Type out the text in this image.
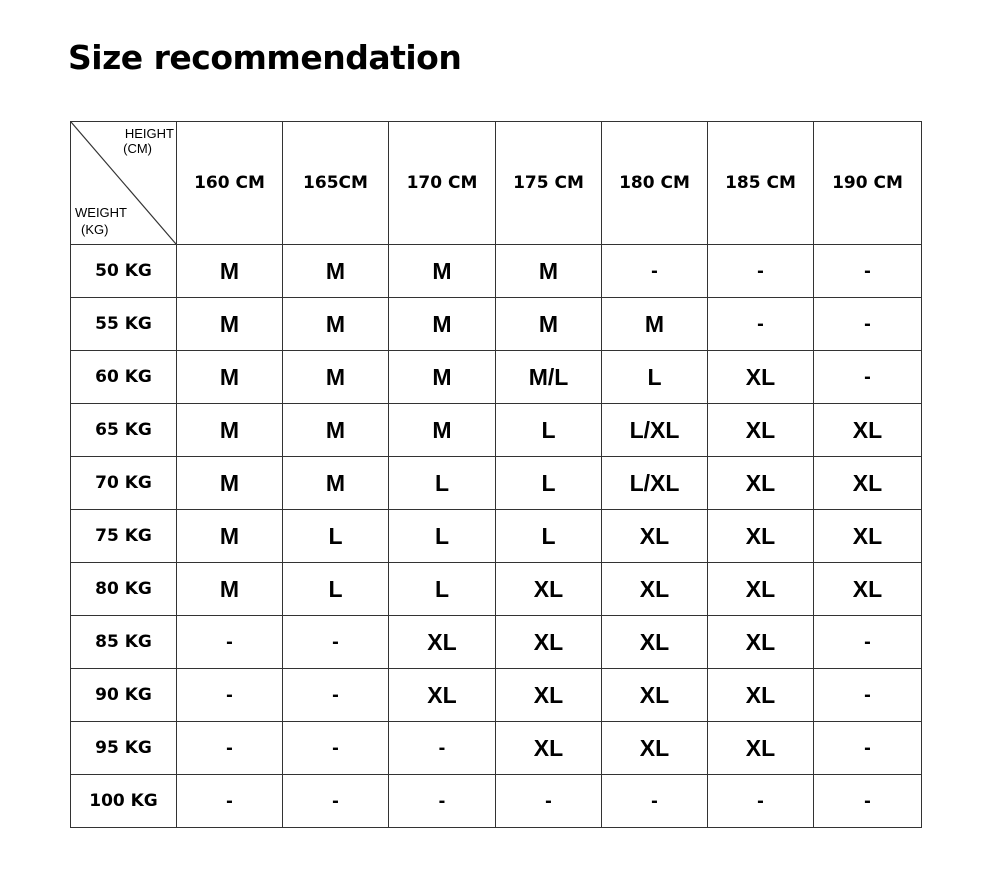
Size recommendation
HEIGHT
(CM)
WEIGHT
(KG)	160 CM	165CM	170 CM	175 CM	180 CM	185 CM	190 CM
50 KG	M	M	M	M	-	-	-
55 KG	M	M	M	M	M	-	-
60 KG	M	M	M	M/L	L	XL	-
65 KG	M	M	M	L	L/XL	XL	XL
70 KG	M	M	L	L	L/XL	XL	XL
75 KG	M	L	L	L	XL	XL	XL
80 KG	M	L	L	XL	XL	XL	XL
85 KG	-	-	XL	XL	XL	XL	-
90 KG	-	-	XL	XL	XL	XL	-
95 KG	-	-	-	XL	XL	XL	-
100 KG	-	-	-	-	-	-	-
